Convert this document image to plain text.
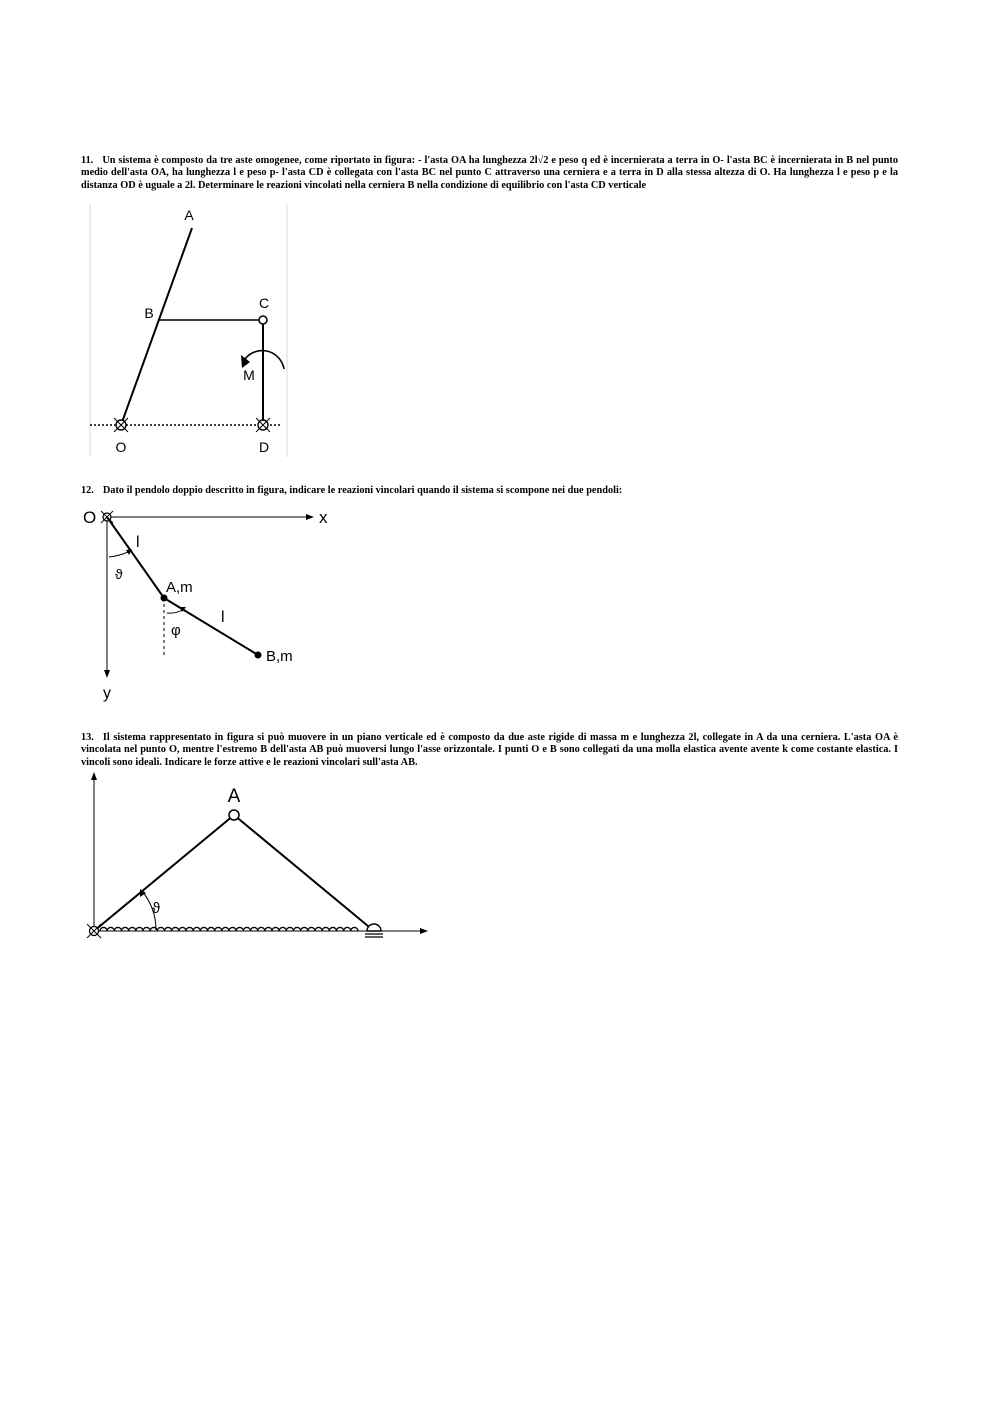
11. Un sistema è composto da tre aste omogenee, come riportato in figura: - l'asta OA ha lunghezza 2l√2 e peso q ed è incernierata a terra in O- l'asta BC è incernierata in B nel punto medio dell'asta OA, ha lunghezza l e peso p- l'asta CD è collegata con l'asta BC nel punto C attraverso una cerniera e a terra in D alla stessa altezza di O. Ha lunghezza l e peso p e la distanza OD è uguale a 2l. Determinare le reazioni vincolati nella cerniera B nella condizione di equilibrio con l'asta CD verticale
A
B
C
M
O	D
12. Dato il pendolo doppio descritto in figura, indicare le reazioni vincolari quando il sistema si scompone nei due pendoli:
O	x
y
l
ϑ
A,m
φ
l
B,m
13. Il sistema rappresentato in figura si può muovere in un piano verticale ed è composto da due aste rigide di massa m e lunghezza 2l, collegate in A da una cerniera. L'asta OA è vincolata nel punto O, mentre l'estremo B dell'asta AB può muoversi lungo l'asse orizzontale. I punti O e B sono collegati da una molla elastica avente avente k come costante elastica. I vincoli sono ideali. Indicare le forze attive e le reazioni vincolari sull'asta AB.
A
ϑ
